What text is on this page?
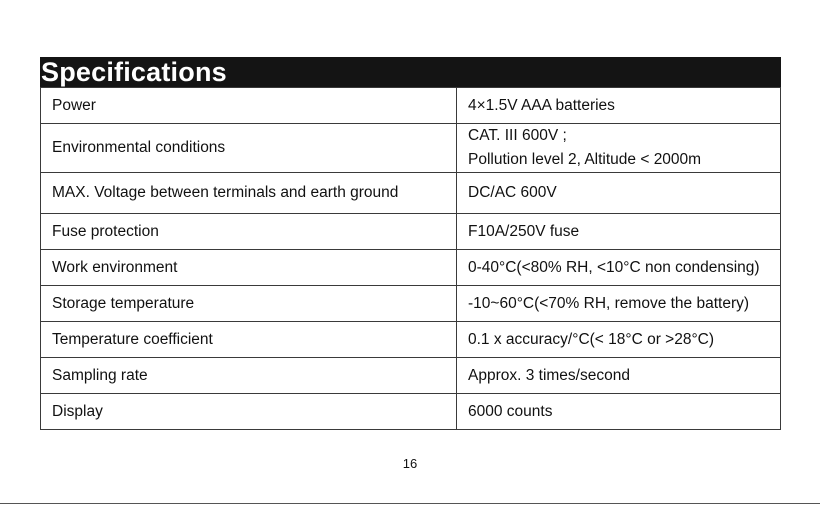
Specifications
Power	4×1.5V AAA batteries
Environmental conditions	CAT. III 600V ;
Pollution level 2, Altitude < 2000m

MAX. Voltage between terminals and earth ground	DC/AC 600V
Fuse protection	F10A/250V fuse
Work environment	0-40°C(<80% RH, <10°C non condensing)
Storage temperature	-10~60°C(<70% RH, remove the battery)
Temperature coefficient	0.1 x accuracy/°C(< 18°C or >28°C)
Sampling rate	Approx. 3 times/second
Display	6000 counts
16
